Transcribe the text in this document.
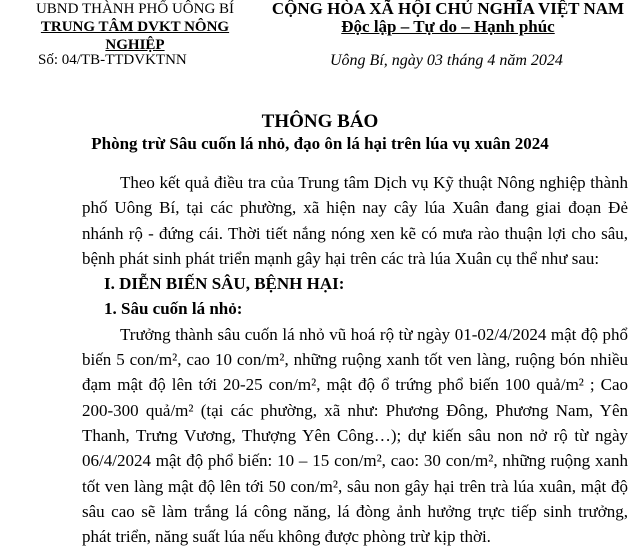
UBND THÀNH PHỐ UÔNG BÍ
TRUNG TÂM DVKT NÔNG NGHIỆP
CỘNG HÒA XÃ HỘI CHỦ NGHĨA VIỆT NAM
Độc lập – Tự do – Hạnh phúc
Số: 04/TB-TTDVKTNN	Uông Bí, ngày 03 tháng 4 năm 2024
THÔNG BÁO
Phòng trừ Sâu cuốn lá nhỏ, đạo ôn lá hại trên lúa vụ xuân 2024

Theo kết quả điều tra của Trung tâm Dịch vụ Kỹ thuật Nông nghiệp thành phố Uông Bí, tại các phường, xã hiện nay cây lúa Xuân đang giai đoạn Đẻ nhánh rộ - đứng cái. Thời tiết nắng nóng xen kẽ có mưa rào thuận lợi cho sâu, bệnh phát sinh phát triển mạnh gây hại trên các trà lúa Xuân cụ thể như sau:

I. DIỄN BIẾN SÂU, BỆNH HẠI:

1. Sâu cuốn lá nhỏ:

Trưởng thành sâu cuốn lá nhỏ vũ hoá rộ từ ngày 01-02/4/2024 mật độ phổ biến 5 con/m², cao 10 con/m², những ruộng xanh tốt ven làng, ruộng bón nhiều đạm mật độ lên tới 20-25 con/m², mật độ ổ trứng phổ biến 100 quả/m² ; Cao 200-300 quả/m² (tại các phường, xã như: Phương Đông, Phương Nam, Yên Thanh, Trưng Vương, Thượng Yên Công…); dự kiến sâu non nở rộ từ ngày 06/4/2024 mật độ phổ biến: 10 – 15 con/m², cao: 30 con/m², những ruộng xanh tốt ven làng mật độ lên tới 50 con/m², sâu non gây hại trên trà lúa xuân, mật độ sâu cao sẽ làm trắng lá công năng, lá đòng ảnh hưởng trực tiếp sinh trưởng, phát triển, năng suất lúa nếu không được phòng trừ kịp thời.
